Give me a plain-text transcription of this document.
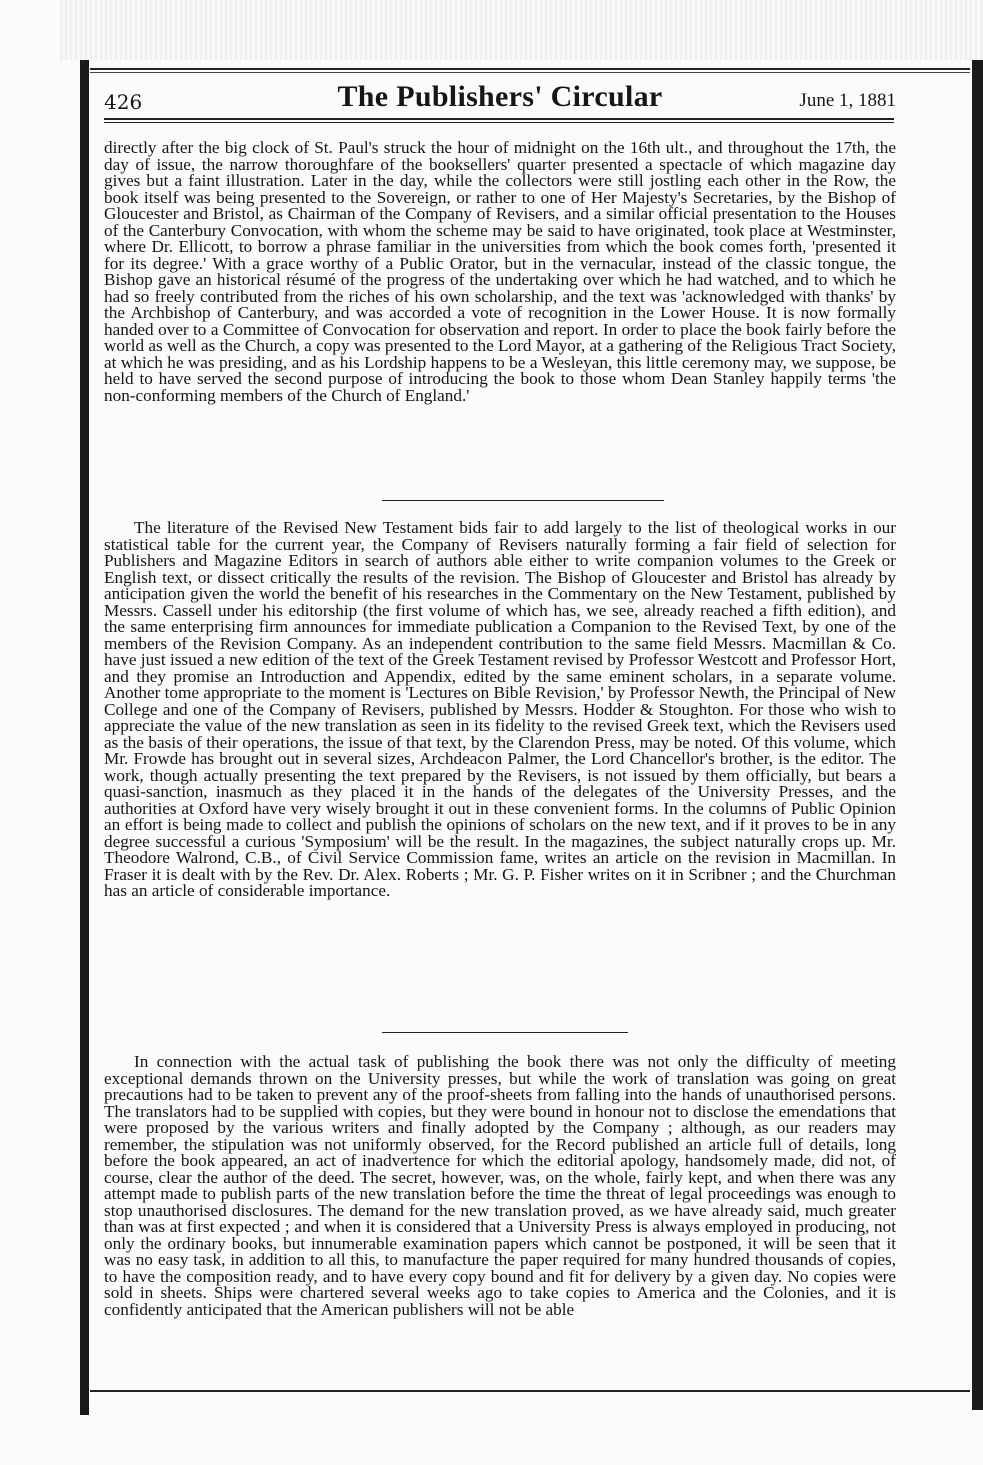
426	The Publishers' Circular	June 1, 1881

directly after the big clock of St. Paul's struck the hour of midnight on the 16th ult., and throughout the 17th, the day of issue, the narrow thoroughfare of the booksellers' quarter presented a spectacle of which magazine day gives but a faint illustration. Later in the day, while the collectors were still jostling each other in the Row, the book itself was being presented to the Sovereign, or rather to one of Her Majesty's Secretaries, by the Bishop of Gloucester and Bristol, as Chairman of the Company of Revisers, and a similar official presentation to the Houses of the Canterbury Convocation, with whom the scheme may be said to have originated, took place at Westminster, where Dr. Ellicott, to borrow a phrase familiar in the universities from which the book comes forth, 'presented it for its degree.' With a grace worthy of a Public Orator, but in the vernacular, instead of the classic tongue, the Bishop gave an historical résumé of the progress of the undertaking over which he had watched, and to which he had so freely contributed from the riches of his own scholarship, and the text was 'acknowledged with thanks' by the Archbishop of Canterbury, and was accorded a vote of recognition in the Lower House. It is now formally handed over to a Committee of Convocation for observation and report. In order to place the book fairly before the world as well as the Church, a copy was presented to the Lord Mayor, at a gathering of the Religious Tract Society, at which he was presiding, and as his Lordship happens to be a Wesleyan, this little ceremony may, we suppose, be held to have served the second purpose of introducing the book to those whom Dean Stanley happily terms 'the non-conforming members of the Church of England.'

The literature of the Revised New Testament bids fair to add largely to the list of theological works in our statistical table for the current year, the Company of Revisers naturally forming a fair field of selection for Publishers and Magazine Editors in search of authors able either to write companion volumes to the Greek or English text, or dissect critically the results of the revision. The Bishop of Gloucester and Bristol has already by anticipation given the world the benefit of his researches in the Commentary on the New Testament, published by Messrs. Cassell under his editorship (the first volume of which has, we see, already reached a fifth edition), and the same enterprising firm announces for immediate publication a Companion to the Revised Text, by one of the members of the Revision Company. As an independent contribution to the same field Messrs. Macmillan & Co. have just issued a new edition of the text of the Greek Testament revised by Professor Westcott and Professor Hort, and they promise an Introduction and Appendix, edited by the same eminent scholars, in a separate volume. Another tome appropriate to the moment is 'Lectures on Bible Revision,' by Professor Newth, the Principal of New College and one of the Company of Revisers, published by Messrs. Hodder & Stoughton. For those who wish to appreciate the value of the new translation as seen in its fidelity to the revised Greek text, which the Revisers used as the basis of their operations, the issue of that text, by the Clarendon Press, may be noted. Of this volume, which Mr. Frowde has brought out in several sizes, Archdeacon Palmer, the Lord Chancellor's brother, is the editor. The work, though actually presenting the text prepared by the Revisers, is not issued by them officially, but bears a quasi-sanction, inasmuch as they placed it in the hands of the delegates of the University Presses, and the authorities at Oxford have very wisely brought it out in these convenient forms. In the columns of Public Opinion an effort is being made to collect and publish the opinions of scholars on the new text, and if it proves to be in any degree successful a curious 'Symposium' will be the result. In the magazines, the subject naturally crops up. Mr. Theodore Walrond, C.B., of Civil Service Commission fame, writes an article on the revision in Macmillan. In Fraser it is dealt with by the Rev. Dr. Alex. Roberts ; Mr. G. P. Fisher writes on it in Scribner ; and the Churchman has an article of considerable importance.

In connection with the actual task of publishing the book there was not only the difficulty of meeting exceptional demands thrown on the University presses, but while the work of translation was going on great precautions had to be taken to prevent any of the proof-sheets from falling into the hands of unauthorised persons. The translators had to be supplied with copies, but they were bound in honour not to disclose the emendations that were proposed by the various writers and finally adopted by the Company ; although, as our readers may remember, the stipulation was not uniformly observed, for the Record published an article full of details, long before the book appeared, an act of inadvertence for which the editorial apology, handsomely made, did not, of course, clear the author of the deed. The secret, however, was, on the whole, fairly kept, and when there was any attempt made to publish parts of the new translation before the time the threat of legal proceedings was enough to stop unauthorised disclosures. The demand for the new translation proved, as we have already said, much greater than was at first expected ; and when it is considered that a University Press is always employed in producing, not only the ordinary books, but innumerable examination papers which cannot be postponed, it will be seen that it was no easy task, in addition to all this, to manufacture the paper required for many hundred thousands of copies, to have the composition ready, and to have every copy bound and fit for delivery by a given day. No copies were sold in sheets. Ships were chartered several weeks ago to take copies to America and the Colonies, and it is confidently anticipated that the American publishers will not be able
